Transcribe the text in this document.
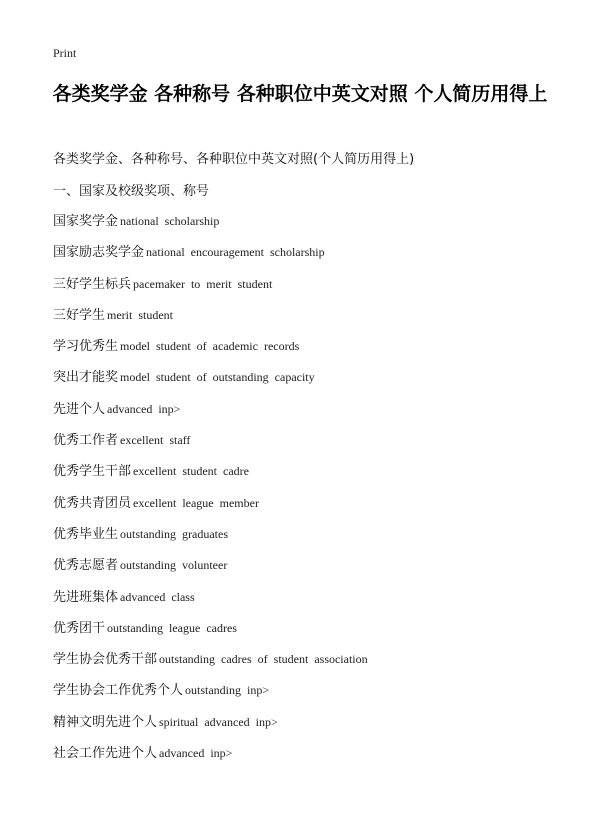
Print
各类奖学金 各种称号 各种职位中英文对照 个人简历用得上
各类奖学金、各种称号、各种职位中英文对照(个人简历用得上)
一、国家及校级奖项、称号
国家奖学金 national scholarship
国家励志奖学金 national encouragement scholarship
三好学生标兵 pacemaker to merit student
三好学生 merit student
学习优秀生 model student of academic records
突出才能奖 model student of outstanding capacity
先进个人 advanced inp>
优秀工作者 excellent staff
优秀学生干部 excellent student cadre
优秀共青团员 excellent league member
优秀毕业生 outstanding graduates
优秀志愿者 outstanding volunteer
先进班集体 advanced class
优秀团干 outstanding league cadres
学生协会优秀干部 outstanding cadres of student association
学生协会工作优秀个人 outstanding inp>
精神文明先进个人 spiritual advanced inp>
社会工作先进个人 advanced inp>
